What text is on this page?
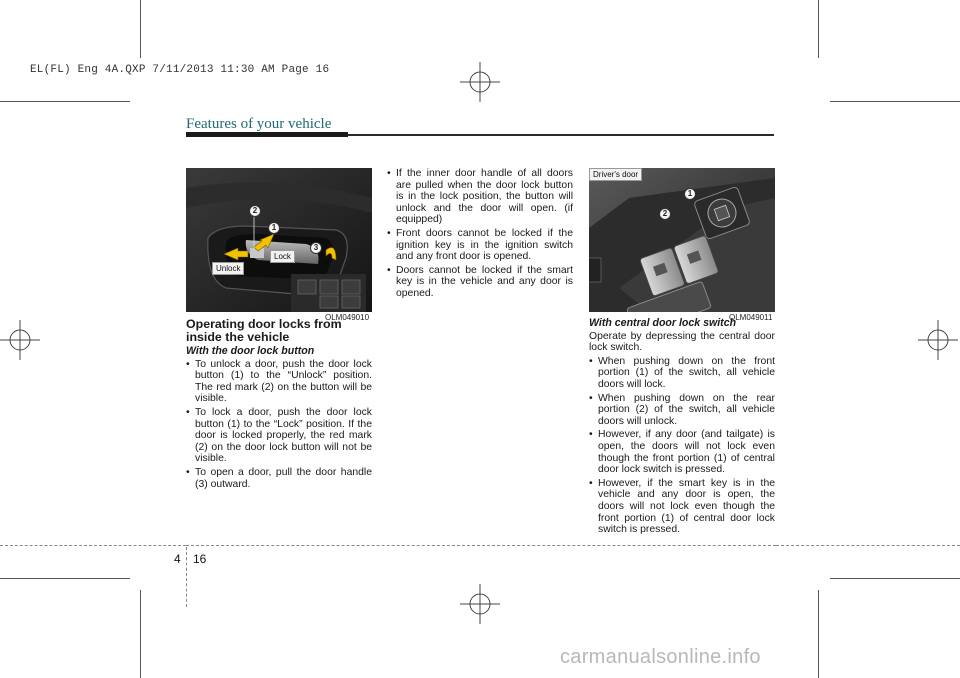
EL(FL) Eng 4A.QXP 7/11/2013 11:30 AM Page 16
Features of your vehicle
2
1
3
Unlock
Lock
OLM049010
Driver's door
1
2
OLM049011

Operating door locks from inside the vehicle

With the door lock button

• To unlock a door, push the door lock button (1) to the “Unlock” position. The red mark (2) on the button will be visible.
• To lock a door, push the door lock button (1) to the “Lock” position. If the door is locked properly, the red mark (2) on the door lock button will not be visible.
• To open a door, pull the door handle (3) outward.
• If the inner door handle of all doors are pulled when the door lock button is in the lock position, the button will unlock and the door will open. (if equipped)
• Front doors cannot be locked if the ignition key is in the ignition switch and any front door is opened.
• Doors cannot be locked if the smart key is in the vehicle and any door is opened.

With central door lock switch

Operate by depressing the central door lock switch.

• When pushing down on the front portion (1) of the switch, all vehicle doors will lock.
• When pushing down on the rear portion (2) of the switch, all vehicle doors will unlock.
• However, if any door (and tailgate) is open, the doors will not lock even though the front portion (1) of central door lock switch is pressed.
• However, if the smart key is in the vehicle and any door is open, the doors will not lock even though the front portion (1) of central door lock switch is pressed.
4 16
carmanualsonline.info
